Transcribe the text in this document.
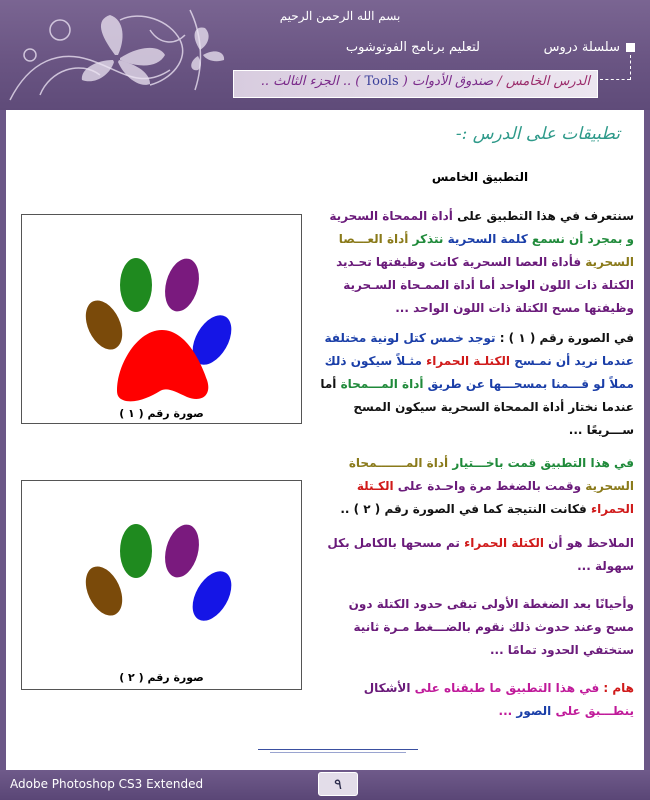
بسم الله الرحمن الرحيم
سلسلة دروس
لتعليم برنامج الفوتوشوب
الدرس الخامس / صندوق الأدوات ( Tools ) .. الجزء الثالث ..
تطبيقات على الدرس :-
التطبيق الخامس
سنتعرف في هذا التطبيق على أداة الممحاة السحرية و بمجرد أن نسمع كلمة السحرية نتذكر أداة العـــصا السحرية فأداة العصا السحرية كانت وظيفتها تحـديد الكتلة ذات اللون الواحد أما أداة الممـحاة السـحرية وظيفتها مسح الكتلة ذات اللون الواحد ...
في الصورة رقم ( ١ ) : توجد خمس كتل لونية مختلفة عندما نريد أن نمـسح الكتلـة الحمراء مثـلاً سيكون ذلك مملاً لو قـــمنا بمسحـــها عن طريق أداة المـــمحاة أما عندما نختار أداة الممحاة السحرية سيكون المسح ســـريعًا ...
في هذا التطبيق قمت باخـــتيار أداة المـــــــمحاة السحرية وقمت بالضغط مرة واحـدة على الكـتلة الحمراء فكانت النتيجة كما في الصورة رقم ( ٢ ) ..
الملاحظ هو أن الكتلة الحمراء تم مسحها بالكامل بكل سهولة ...
وأحيانًا بعد الضغطة الأولى تبقى حدود الكتلة دون مسح وعند حدوث ذلك نقوم بالضـــغط مـرة ثانية ستختفي الحدود تمامًا ...
هام : في هذا التطبيق ما طبقناه على الأشكال ينطـــبق على الصور ...
صورة رقم ( ١ )
صورة رقم ( ٢ )
Adobe Photoshop CS3 Extended	٩
